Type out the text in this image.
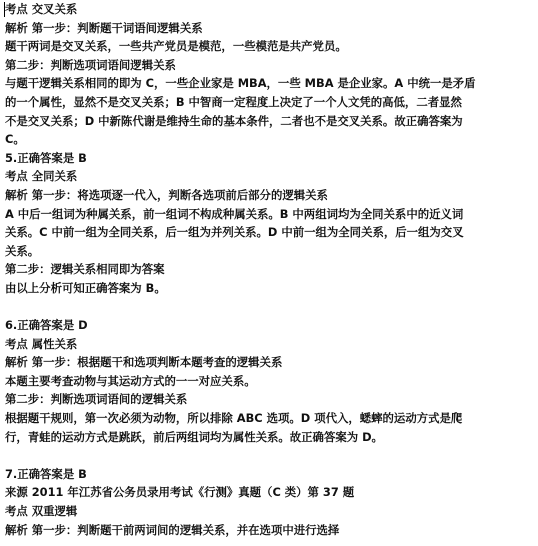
考点 交叉关系
解析 第一步：判断题干词语间逻辑关系
题干两词是交叉关系，一些共产党员是模范，一些模范是共产党员。
第二步：判断选项词语间逻辑关系
与题干逻辑关系相同的即为 C，一些企业家是 MBA，一些 MBA 是企业家。A 中统一是矛盾
的一个属性，显然不是交叉关系；B 中智商一定程度上决定了一个人文凭的高低，二者显然
不是交叉关系；D 中新陈代谢是维持生命的基本条件，二者也不是交叉关系。故正确答案为
C。
5.正确答案是 B
考点 全同关系
解析 第一步：将选项逐一代入，判断各选项前后部分的逻辑关系
A 中后一组词为种属关系，前一组词不构成种属关系。B 中两组词均为全同关系中的近义词
关系。C 中前一组为全同关系，后一组为并列关系。D 中前一组为全同关系，后一组为交叉
关系。
第二步：逻辑关系相同即为答案
由以上分析可知正确答案为 B。
6.正确答案是 D
考点 属性关系
解析 第一步：根据题干和选项判断本题考查的逻辑关系
本题主要考查动物与其运动方式的一一对应关系。
第二步：判断选项词语间的逻辑关系
根据题干规则，第一次必须为动物，所以排除 ABC 选项。D 项代入，蟋蟀的运动方式是爬
行，青蛙的运动方式是跳跃，前后两组词均为属性关系。故正确答案为 D。
7.正确答案是 B
来源 2011 年江苏省公务员录用考试《行测》真题（C 类）第 37 题
考点 双重逻辑
解析 第一步：判断题干前两词间的逻辑关系，并在选项中进行选择
